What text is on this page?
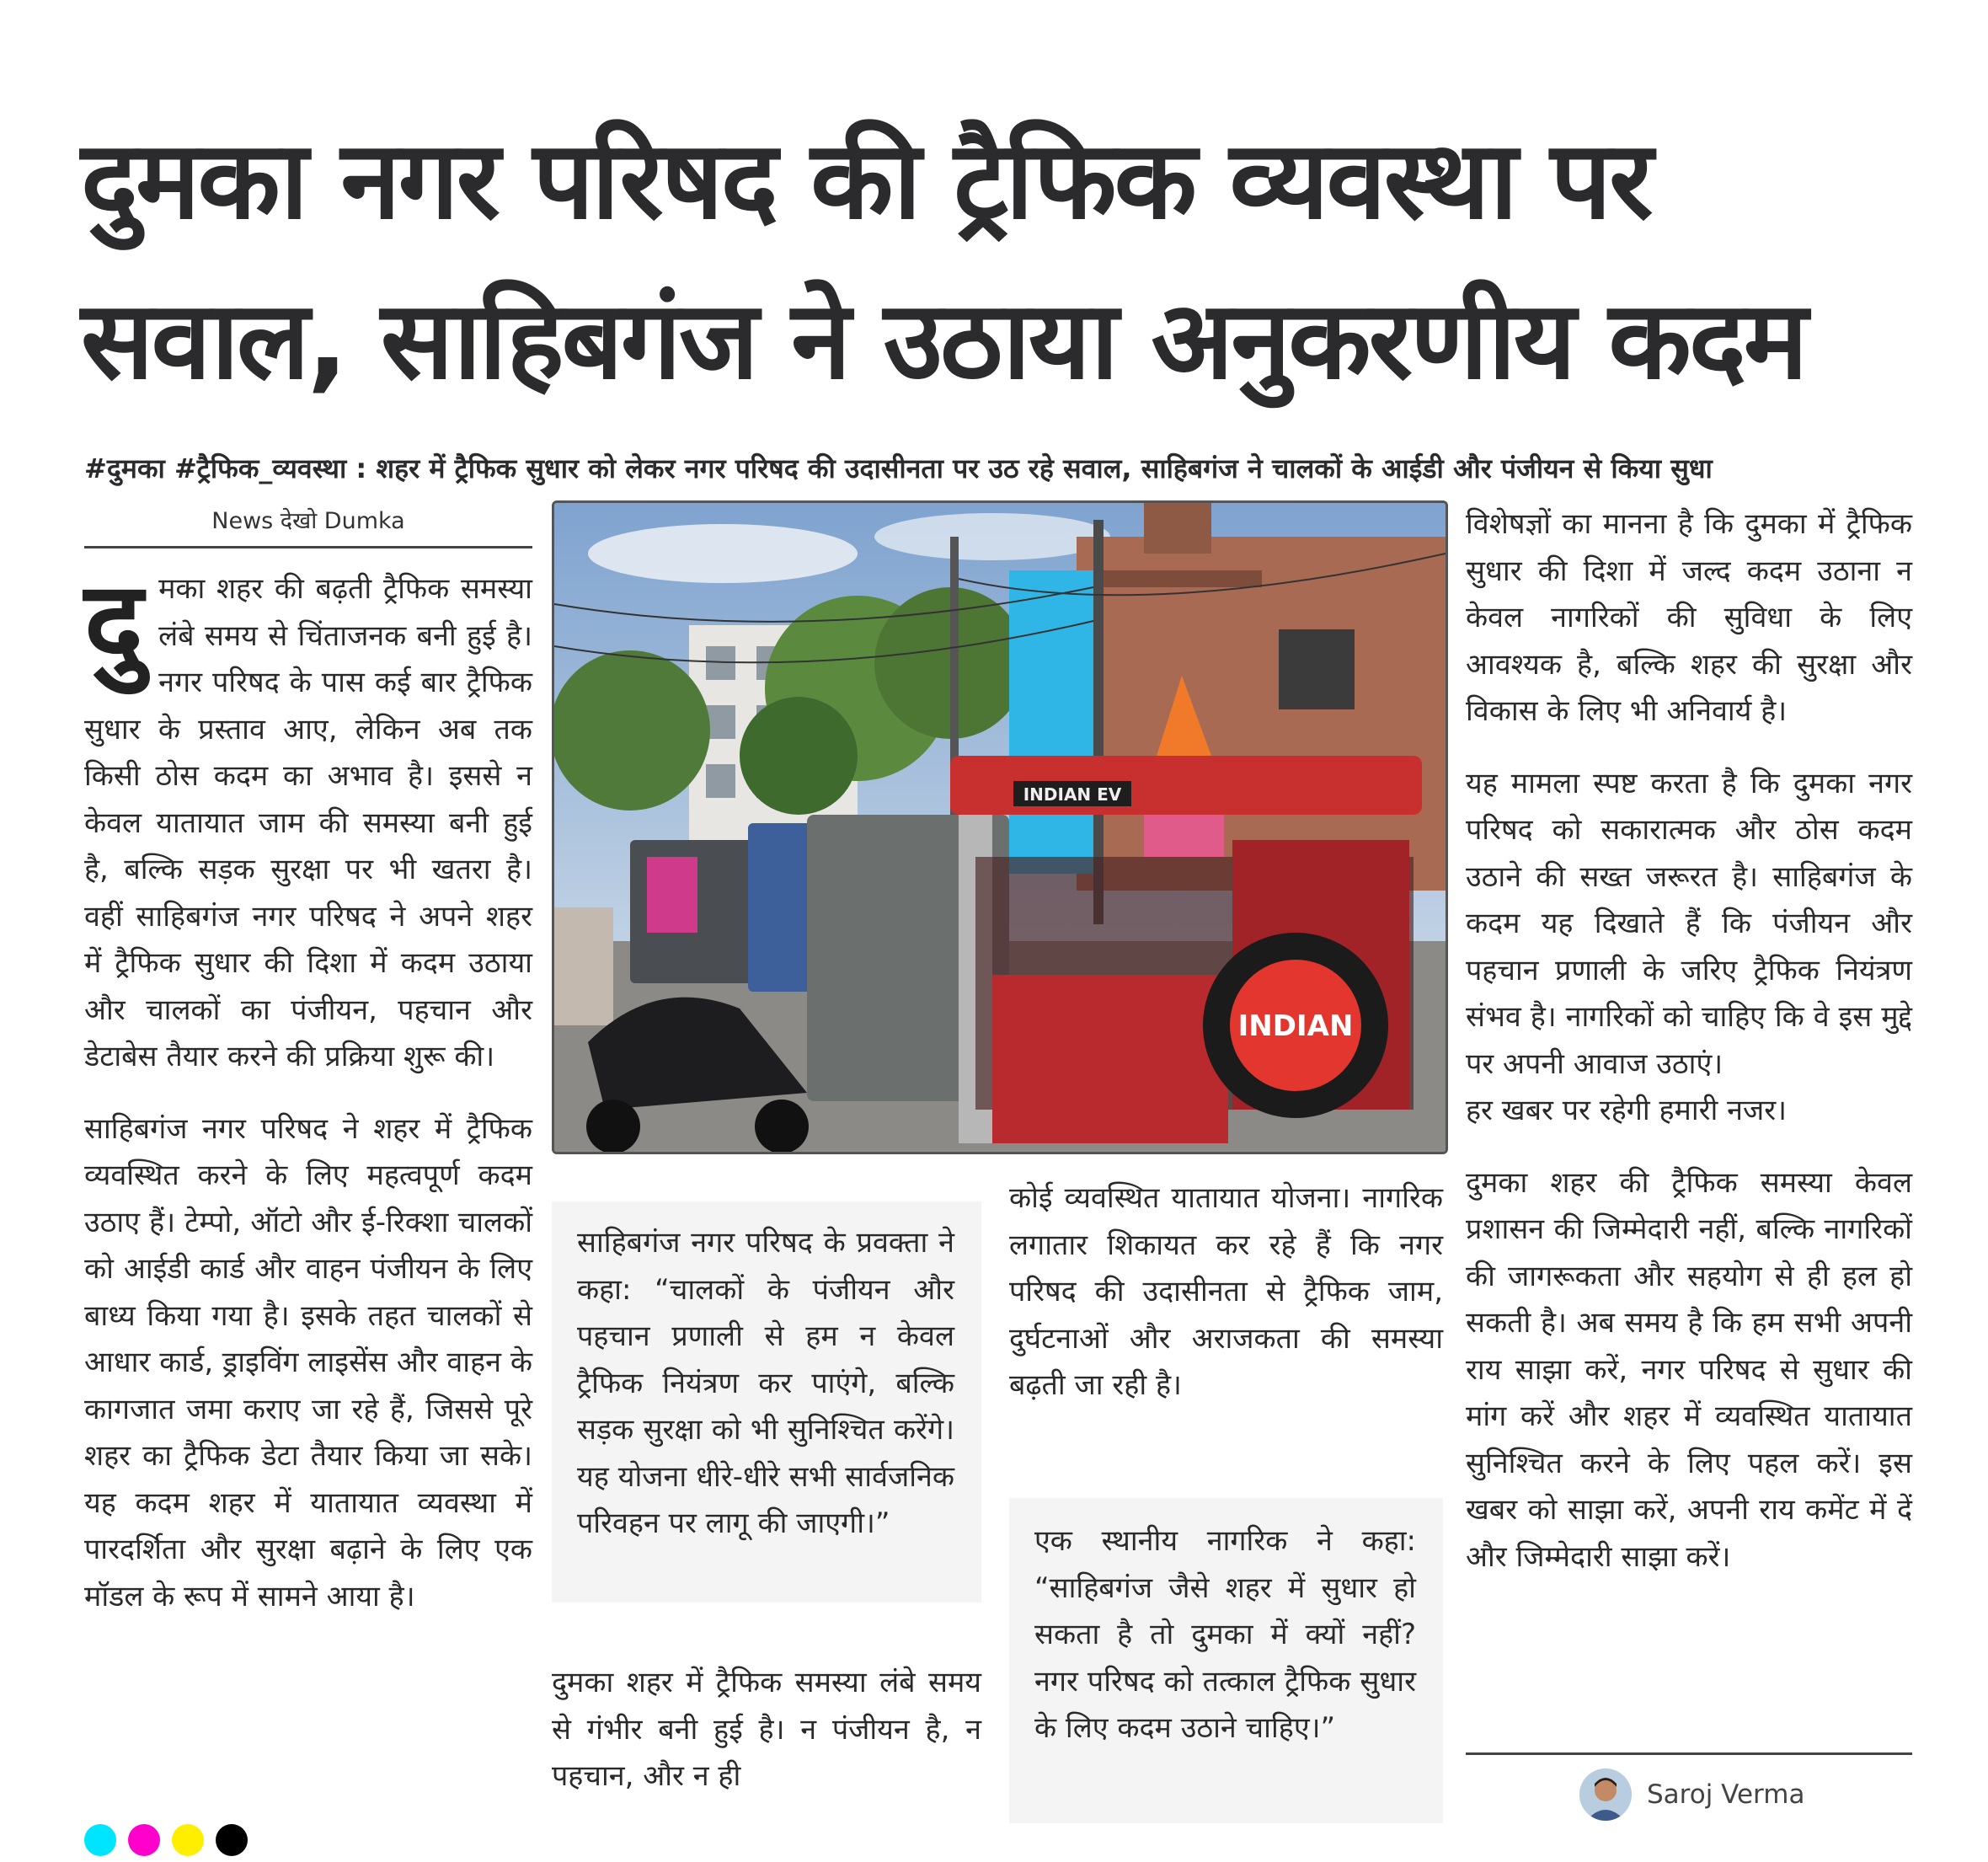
दुमका नगर परिषद की ट्रैफिक व्यवस्था पर सवाल, साहिबगंज ने उठाया अनुकरणीय कदम
#दुमका #ट्रैफिक_व्यवस्था : शहर में ट्रैफिक सुधार को लेकर नगर परिषद की उदासीनता पर उठ रहे सवाल, साहिबगंज ने चालकों के आईडी और पंजीयन से किया सुधा
News देखो Dumka

दुमका शहर की बढ़ती ट्रैफिक समस्या लंबे समय से चिंताजनक बनी हुई है। नगर परिषद के पास कई बार ट्रैफिक सुधार के प्रस्ताव आए, लेकिन अब तक किसी ठोस कदम का अभाव है। इससे न केवल यातायात जाम की समस्या बनी हुई है, बल्कि सड़क सुरक्षा पर भी खतरा है। वहीं साहिबगंज नगर परिषद ने अपने शहर में ट्रैफिक सुधार की दिशा में कदम उठाया और चालकों का पंजीयन, पहचान और डेटाबेस तैयार करने की प्रक्रिया शुरू की।

साहिबगंज नगर परिषद ने शहर में ट्रैफिक व्यवस्थित करने के लिए महत्वपूर्ण कदम उठाए हैं। टेम्पो, ऑटो और ई-रिक्शा चालकों को आईडी कार्ड और वाहन पंजीयन के लिए बाध्य किया गया है। इसके तहत चालकों से आधार कार्ड, ड्राइविंग लाइसेंस और वाहन के कागजात जमा कराए जा रहे हैं, जिससे पूरे शहर का ट्रैफिक डेटा तैयार किया जा सके। यह कदम शहर में यातायात व्यवस्था में पारदर्शिता और सुरक्षा बढ़ाने के लिए एक मॉडल के रूप में सामने आया है।

INDIAN
INDIAN EV
साहिबगंज नगर परिषद के प्रवक्ता ने कहा: “चालकों के पंजीयन और पहचान प्रणाली से हम न केवल ट्रैफिक नियंत्रण कर पाएंगे, बल्कि सड़क सुरक्षा को भी सुनिश्चित करेंगे। यह योजना धीरे-धीरे सभी सार्वजनिक परिवहन पर लागू की जाएगी।”

दुमका शहर में ट्रैफिक समस्या लंबे समय से गंभीर बनी हुई है। न पंजीयन है, न पहचान, और न ही

कोई व्यवस्थित यातायात योजना। नागरिक लगातार शिकायत कर रहे हैं कि नगर परिषद की उदासीनता से ट्रैफिक जाम, दुर्घटनाओं और अराजकता की समस्या बढ़ती जा रही है।

एक स्थानीय नागरिक ने कहा: “साहिबगंज जैसे शहर में सुधार हो सकता है तो दुमका में क्यों नहीं? नगर परिषद को तत्काल ट्रैफिक सुधार के लिए कदम उठाने चाहिए।”

विशेषज्ञों का मानना है कि दुमका में ट्रैफिक सुधार की दिशा में जल्द कदम उठाना न केवल नागरिकों की सुविधा के लिए आवश्यक है, बल्कि शहर की सुरक्षा और विकास के लिए भी अनिवार्य है।

यह मामला स्पष्ट करता है कि दुमका नगर परिषद को सकारात्मक और ठोस कदम उठाने की सख्त जरूरत है। साहिबगंज के कदम यह दिखाते हैं कि पंजीयन और पहचान प्रणाली के जरिए ट्रैफिक नियंत्रण संभव है। नागरिकों को चाहिए कि वे इस मुद्दे पर अपनी आवाज उठाएं।

हर खबर पर रहेगी हमारी नजर।

दुमका शहर की ट्रैफिक समस्या केवल प्रशासन की जिम्मेदारी नहीं, बल्कि नागरिकों की जागरूकता और सहयोग से ही हल हो सकती है। अब समय है कि हम सभी अपनी राय साझा करें, नगर परिषद से सुधार की मांग करें और शहर में व्यवस्थित यातायात सुनिश्चित करने के लिए पहल करें। इस खबर को साझा करें, अपनी राय कमेंट में दें और जिम्मेदारी साझा करें।

Saroj Verma
